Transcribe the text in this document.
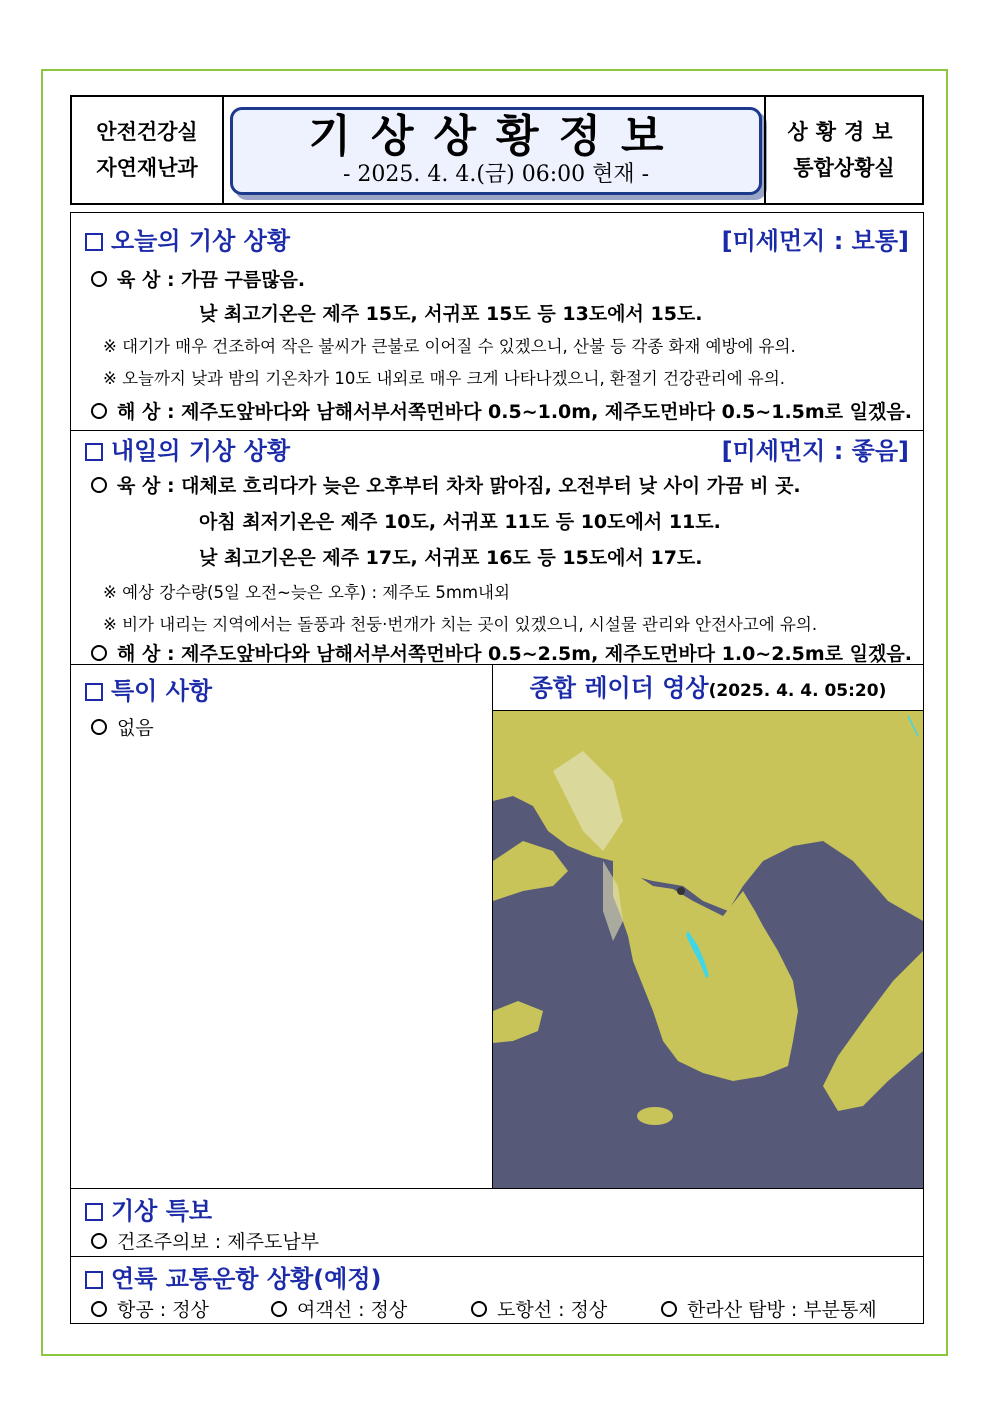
안전건강실
자연재난과
기상상황정보
- 2025. 4. 4.(금) 06:00 현재 -
상황경보
통합상황실
오늘의 기상 상황	[미세먼지 : 보통]
육 상 : 가끔 구름많음.
낮 최고기온은 제주 15도, 서귀포 15도 등 13도에서 15도.
※ 대기가 매우 건조하여 작은 불씨가 큰불로 이어질 수 있겠으니, 산불 등 각종 화재 예방에 유의.
※ 오늘까지 낮과 밤의 기온차가 10도 내외로 매우 크게 나타나겠으니, 환절기 건강관리에 유의.
해 상 : 제주도앞바다와 남해서부서쪽먼바다 0.5~1.0m, 제주도먼바다 0.5~1.5m로 일겠음.
내일의 기상 상황	[미세먼지 : 좋음]
육 상 : 대체로 흐리다가 늦은 오후부터 차차 맑아짐, 오전부터 낮 사이 가끔 비 곳.
아침 최저기온은 제주 10도, 서귀포 11도 등 10도에서 11도.
낮 최고기온은 제주 17도, 서귀포 16도 등 15도에서 17도.
※ 예상 강수량(5일 오전~늦은 오후) : 제주도 5mm내외
※ 비가 내리는 지역에서는 돌풍과 천둥·번개가 치는 곳이 있겠으니, 시설물 관리와 안전사고에 유의.
해 상 : 제주도앞바다와 남해서부서쪽먼바다 0.5~2.5m, 제주도먼바다 1.0~2.5m로 일겠음.
특이 사항
없음
종합 레이더 영상(2025. 4. 4. 05:20)
기상 특보
건조주의보 : 제주도남부
연륙 교통운항 상황(예정)
항공 : 정상	여객선 : 정상	도항선 : 정상	한라산 탐방 : 부분통제
